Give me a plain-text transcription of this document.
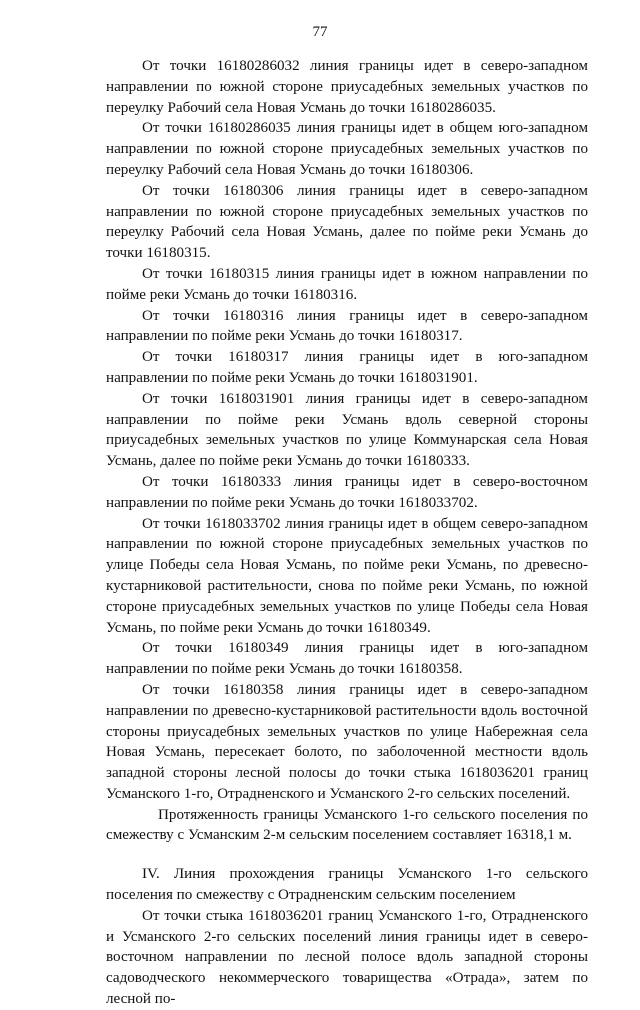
77

От точки 16180286032 линия границы идет в северо-западном направлении по южной стороне приусадебных земельных участков по переулку Рабочий села Новая Усмань до точки 16180286035.

От точки 16180286035 линия границы идет в общем юго-западном направлении по южной стороне приусадебных земельных участков по переулку Рабочий села Новая Усмань до точки 16180306.

От точки 16180306 линия границы идет в северо-западном направлении по южной стороне приусадебных земельных участков по переулку Рабочий села Новая Усмань, далее по пойме реки Усмань до точки 16180315.

От точки 16180315 линия границы идет в южном направлении по пойме реки Усмань до точки 16180316.

От точки 16180316 линия границы идет в северо-западном направлении по пойме реки Усмань до точки 16180317.

От точки 16180317 линия границы идет в юго-западном направлении по пойме реки Усмань до точки 1618031901.

От точки 1618031901 линия границы идет в северо-западном направлении по пойме реки Усмань вдоль северной стороны приусадебных земельных участков по улице Коммунарская села Новая Усмань, далее по пойме реки Усмань до точки 16180333.

От точки 16180333 линия границы идет в северо-восточном направлении по пойме реки Усмань до точки 1618033702.

От точки 1618033702 линия границы идет в общем северо-западном направлении по южной стороне приусадебных земельных участков по улице Победы села Новая Усмань, по пойме реки Усмань, по древесно-кустарниковой растительности, снова по пойме реки Усмань, по южной стороне приусадебных земельных участков по улице Победы села Новая Усмань, по пойме реки Усмань до точки 16180349.

От точки 16180349 линия границы идет в юго-западном направлении по пойме реки Усмань до точки 16180358.

От точки 16180358 линия границы идет в северо-западном направлении по древесно-кустарниковой растительности вдоль восточной стороны приусадебных земельных участков по улице Набережная села Новая Усмань, пересекает болото, по заболоченной местности вдоль западной стороны лесной полосы до точки стыка 1618036201 границ Усманского 1-го, Отрадненского и Усманского 2-го сельских поселений.

Протяженность границы Усманского 1-го сельского поселения по смежеству с Усманским 2-м сельским поселением составляет 16318,1 м.

IV. Линия прохождения границы Усманского 1-го сельского поселения по смежеству с Отрадненским сельским поселением

От точки стыка 1618036201 границ Усманского 1-го, Отрадненского и Усманского 2-го сельских поселений линия границы идет в северо-восточном направлении по лесной полосе вдоль западной стороны садоводческого некоммерческого товарищества «Отрада», затем по лесной по-
